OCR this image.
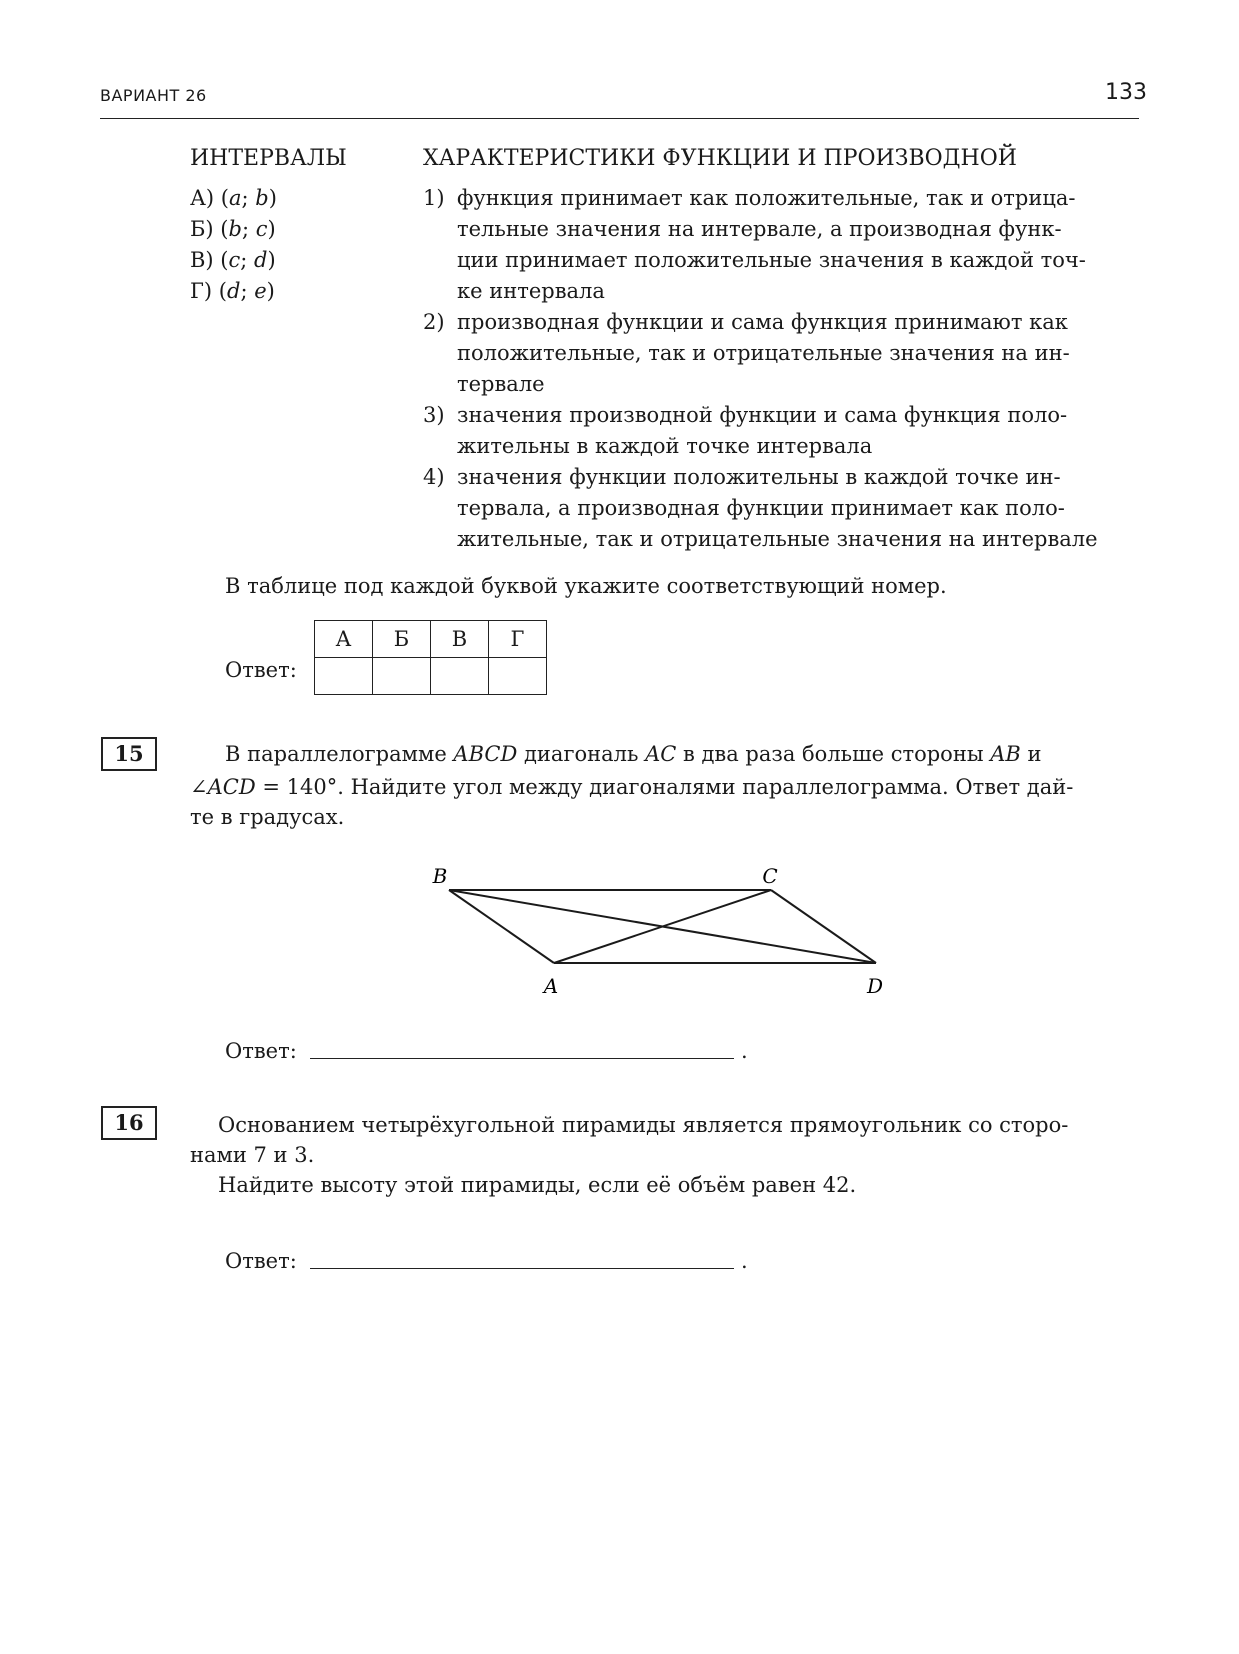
ВАРИАНТ 26	133
ИНТЕРВАЛЫ	ХАРАКТЕРИСТИКИ ФУНКЦИИ И ПРОИЗВОДНОЙ
А) (a; b)
Б) (b; c)
В) (c; d)
Г) (d; e)
1) функция принимает как положительные, так и отрица-
тельные значения на интервале, а производная функ-
ции принимает положительные значения в каждой точ-
ке интервала
2) производная функции и сама функция принимают как
положительные, так и отрицательные значения на ин-
тервале
3) значения производной функции и сама функция поло-
жительны в каждой точке интервала
4) значения функции положительны в каждой точке ин-
тервала, а производная функции принимает как поло-
жительные, так и отрицательные значения на интервале
В таблице под каждой буквой укажите соответствующий номер.
Ответ:
А	Б	В	Г

15	В параллелограмме ABCD диагональ AC в два раза больше стороны AB и
∠ACD = 140°. Найдите угол между диагоналями параллелограмма. Ответ дай-
те в градусах.
B	C
A	D
Ответ:	.
16	Основанием четырёхугольной пирамиды является прямоугольник со сторо-
нами 7 и 3.
Найдите высоту этой пирамиды, если её объём равен 42.
Ответ:	.
